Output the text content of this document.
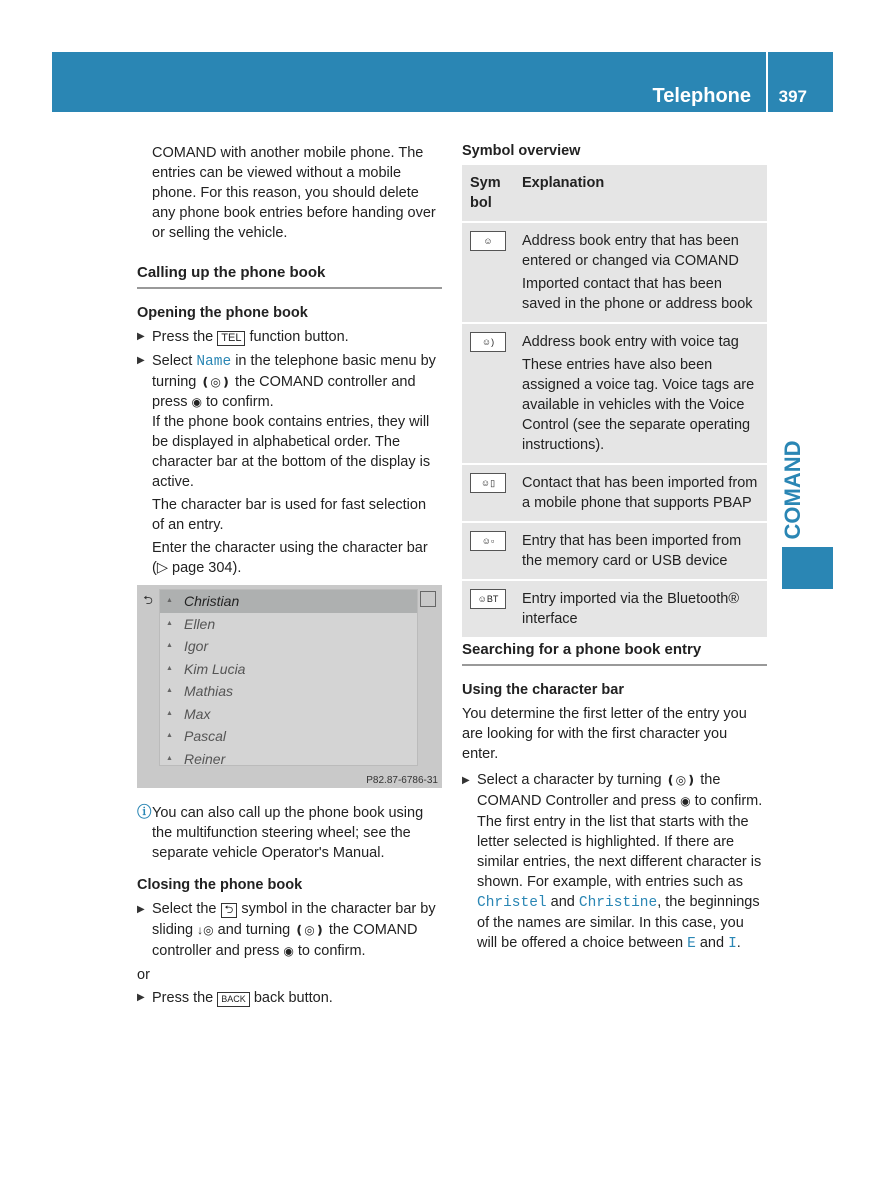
Telephone 397
COMAND

COMAND with another mobile phone. The entries can be viewed without a mobile phone. For this reason, you should delete any phone book entries before handing over or selling the vehicle.

Calling up the phone book
Opening the phone book

▶ Press the TEL function button.

▶ Select Name in the telephone basic menu by turning ❪◎❫ the COMAND controller and press ◉ to confirm.

If the phone book contains entries, they will be displayed in alphabetical order. The character bar at the bottom of the display is active.

The character bar is used for fast selection of an entry.

Enter the character using the character bar (▷ page 304).

⮌
▲	Christian
▲ Ellen
▲ Igor
▲ Kim Lucia
▲ Mathias
▲ Max
▲ Pascal
▲ Reiner
P82.87-6786-31

ⓘ You can also call up the phone book using the multifunction steering wheel; see the separate vehicle Operator's Manual.

Closing the phone book

▶ Select the ⮌ symbol in the character bar by sliding ↓◎ and turning ❪◎❫ the COMAND controller and press ◉ to confirm.

or

▶ Press the BACK back button.

Symbol overview
Sym bol
Explanation
☺	Address book entry that has been entered or changed via COMAND
Imported contact that has been saved in the phone or address book
☺)	Address book entry with voice tag
These entries have also been assigned a voice tag. Voice tags are available in vehicles with the Voice Control (see the separate operating instructions).
☺▯	Contact that has been imported from a mobile phone that supports PBAP
☺▫	Entry that has been imported from the memory card or USB device
☺BT	Entry imported via the Bluetooth® interface
Searching for a phone book entry
Using the character bar

You determine the first letter of the entry you are looking for with the first character you enter.

▶ Select a character by turning ❪◎❫ the COMAND Controller and press ◉ to confirm.

The first entry in the list that starts with the letter selected is highlighted. If there are similar entries, the next different character is shown. For example, with entries such as Christel and Christine, the beginnings of the names are similar. In this case, you will be offered a choice between E and I.
